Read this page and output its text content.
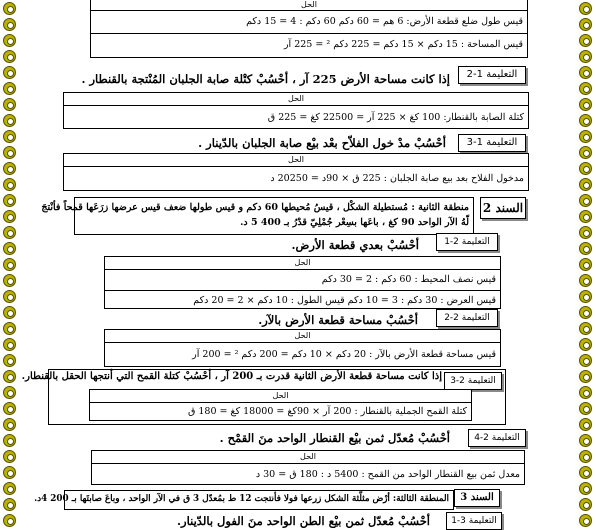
الحل
قيس طول ضلع قطعة الأرض: 6 هم = 60 دكم 60 دكم : 4 = 15 دكم
قيس المساحة : 15 دكم × 15 دكم = 225 دكم ² = 225 آر
التعليمة 1-2
إذا كانت مساحة الأرض 225 آر ، أحْسُبْ كتْلة صابة الجلبان المُنْتجة بالقنطار .
الحل
كتلة الصابة بالقنطار: 100 كغ × 225 آر = 22500 كغ = 225 ق
التعليمة 1-3
أحْسُبْ مدْ خول الفلاّح بعْد بيْع صابة الجلبان بالدّينار .
الحل
مدخول الفلاح بعد بيع صابة الجلبان : 225 ق × 90د = 20250 د
منطقة الثانية : مُستطيلة الشكْل ، قيسُ مُحيطها 60 دكم و قيس طولها ضعف قيس عرضها زرَعَها قمحاً فأنْتجَ
لّهُ الآر الواحد 90 كغ ، باعَها بسِعْر جُمْلِيّ قدْرُ بـ 400 5 د.
السند 2
التعليمة 2-1
أحْسُبْ بعدي قطعة الأرض.
الحل
قيس نصف المحيط : 60 دكم : 2 = 30 دكم
قيس العرض : 30 دكم : 3 = 10 دكم قيس الطول : 10 دكم × 2 = 20 دكم
التعليمة 2-2
أحْسُبْ مساحة قطعة الأرض بالآر.
الحل
قيس مساحة قطعة الأرض بالآر : 20 دكم × 10 دكم = 200 دكم ² = 200 آر
التعليمة 2-3
إذا كانت مساحة قطعة الأرض الثانية قدرت بـ 200 آر ، أحْسُبْ كتلة القمح التي أنتجها الحقل بالقنطار.
الحل
كتلة القمح الجملية بالقنطار : 200 آر × 90كغ = 18000 كغ = 180 ق
التعليمة 2-4
أحْسُبْ مُعدّل ثمن بيْع القنطار الواحد منَ القمْح .
الحل
معدل ثمن بيع القنطار الواحد من القمح : 5400 د : 180 ق = 30 د
السند 3
المنطقة الثالثة: أرْض مثلّثة الشكل زرعها فولا فأنتجت 12 ط بمُعدّل 3 ق في الآر الواحد ، وباعَ صابتَها بـ 200 4د.
التعليمة 3-1
أحْسُبْ مُعدّل ثمن بيْع الطن الواحد منَ الفول بالدّينار.
